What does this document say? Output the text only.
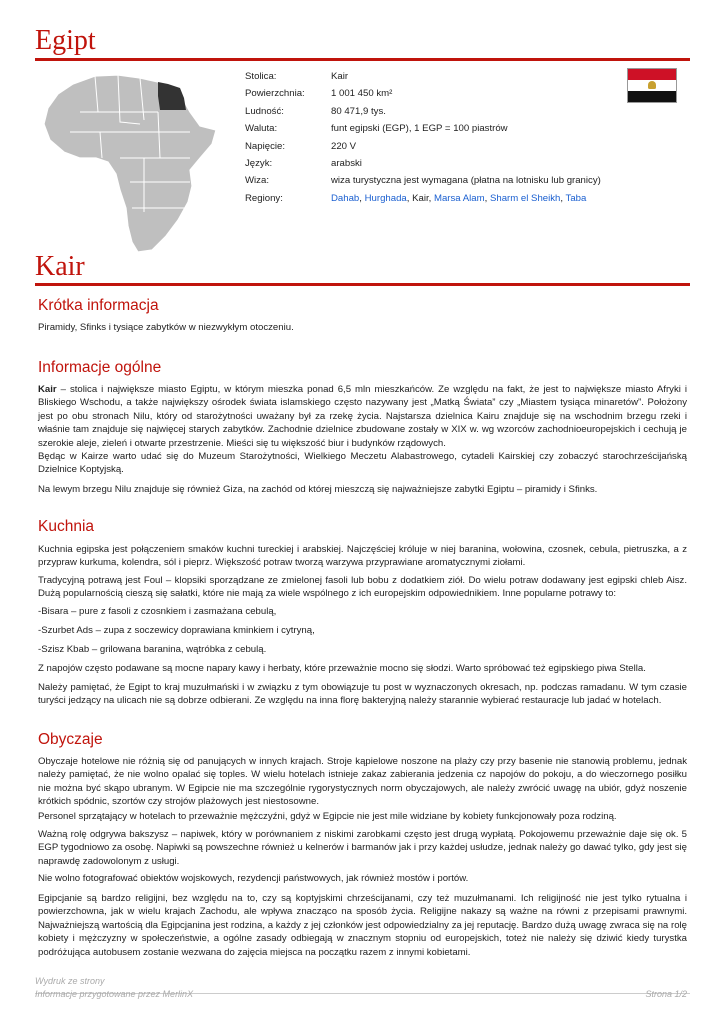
Egipt
Stolica:	Kair
Powierzchnia:	1 001 450 km²
Ludność:	80 471,9 tys.
Waluta:	funt egipski (EGP), 1 EGP = 100 piastrów
Napięcie:	220 V
Język:	arabski
Wiza:	wiza turystyczna jest wymagana (płatna na lotnisku lub granicy)
Regiony:	Dahab, Hurghada, Kair, Marsa Alam, Sharm el Sheikh, Taba
Kair
Krótka informacja

Piramidy, Sfinks i tysiące zabytków w niezwykłym otoczeniu.

Informacje ogólne

Kair – stolica i największe miasto Egiptu, w którym mieszka ponad 6,5 mln mieszkańców. Ze względu na fakt, że jest to największe miasto Afryki i Bliskiego Wschodu, a także największy ośrodek świata islamskiego często nazywany jest „Matką Świata” czy „Miastem tysiąca minaretów”. Położony jest po obu stronach Nilu, który od starożytności uważany był za rzekę życia. Najstarsza dzielnica Kairu znajduje się na wschodnim brzegu rzeki i właśnie tam znajduje się najwięcej starych zabytków. Zachodnie dzielnice zbudowane zostały w XIX w. wg wzorców zachodnioeuropejskich i cechują je szerokie aleje, zieleń i otwarte przestrzenie. Mieści się tu większość biur i budynków rządowych.

Będąc w Kairze warto udać się do Muzeum Starożytności, Wielkiego Meczetu Alabastrowego, cytadeli Kairskiej czy zobaczyć starochrześcijańską Dzielnice Koptyjską.

Na lewym brzegu Nilu znajduje się również Giza, na zachód od której mieszczą się najważniejsze zabytki Egiptu – piramidy i Sfinks.

Kuchnia

Kuchnia egipska jest połączeniem smaków kuchni tureckiej i arabskiej. Najczęściej króluje w niej baranina, wołowina, czosnek, cebula, pietruszka, a z przypraw kurkuma, kolendra, sól i pieprz. Większość potraw tworzą warzywa przyprawiane aromatycznymi ziołami.

Tradycyjną potrawą jest Foul – klopsiki sporządzane ze zmielonej fasoli lub bobu z dodatkiem ziół. Do wielu potraw dodawany jest egipski chleb Aisz. Dużą popularnością cieszą się sałatki, które nie mają za wiele wspólnego z ich europejskim odpowiednikiem. Inne popularne potrawy to:

-Bisara – pure z fasoli z czosnkiem i zasmażana cebulą,

-Szurbet Ads – zupa z soczewicy doprawiana kminkiem i cytryną,

-Szisz Kbab – grilowana baranina, wątróbka z cebulą.

Z napojów często podawane są mocne napary kawy i herbaty, które przeważnie mocno się słodzi. Warto spróbować też egipskiego piwa Stella.

Należy pamiętać, że Egipt to kraj muzułmański i w związku z tym obowiązuje tu post w wyznaczonych okresach, np. podczas ramadanu. W tym czasie turyści jedzący na ulicach nie są dobrze odbierani. Ze względu na inna florę bakteryjną należy starannie wybierać restauracje lub jadać w hotelach.

Obyczaje

Obyczaje hotelowe nie różnią się od panujących w innych krajach. Stroje kąpielowe noszone na plaży czy przy basenie nie stanowią problemu, jednak należy pamiętać, że nie wolno opalać się toples. W wielu hotelach istnieje zakaz zabierania jedzenia cz napojów do pokoju, a do wieczornego posiłku nie można być skąpo ubranym. W Egipcie nie ma szczególnie rygorystycznych norm obyczajowych, ale należy zwrócić uwagę na ubiór, gdyż noszenie krótkich spódnic, szortów czy strojów plażowych jest niestosowne.

Personel sprzątający w hotelach to przeważnie mężczyźni, gdyż w Egipcie nie jest mile widziane by kobiety funkcjonowały poza rodziną.

Ważną rolę odgrywa bakszysz – napiwek, który w porównaniem z niskimi zarobkami często jest drugą wypłatą. Pokojowemu przeważnie daje się ok. 5 EGP tygodniowo za osobę. Napiwki są powszechne również u kelnerów i barmanów jak i przy każdej usłudze, jednak należy go dawać tylko, gdy jest się naprawdę zadowolonym z usługi.

Nie wolno fotografować obiektów wojskowych, rezydencji państwowych, jak również mostów i portów.

Egipcjanie są bardzo religijni, bez względu na to, czy są koptyjskimi chrześcijanami, czy też muzułmanami. Ich religijność nie jest tylko rytualna i powierzchowna, jak w wielu krajach Zachodu, ale wpływa znacząco na sposób życia. Religijne nakazy są ważne na równi z przepisami prawnymi. Najważniejszą wartością dla Egipcjanina jest rodzina, a każdy z jej członków jest odpowiedzialny za jej reputację. Bardzo dużą uwagę zwraca się na rolę kobiety i mężczyzny w społeczeństwie, a ogólne zasady odbiegają w znacznym stopniu od europejskich, toteż nie należy się dziwić kiedy turystka podróżująca autobusem zostanie wezwana do zajęcia miejsca na początku razem z innymi kobietami.

Wydruk ze strony
Informacje przygotowane przez MerlinX	Strona 1/2
